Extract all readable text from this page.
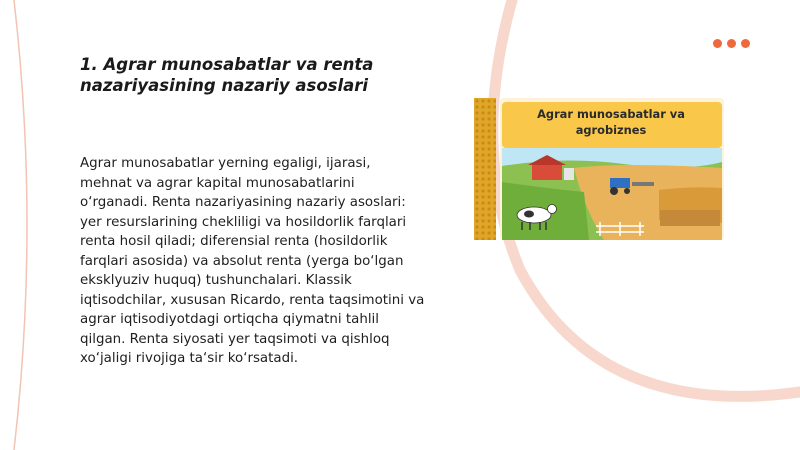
1. Agrar munosabatlar va renta nazariyasining nazariy asoslari

Agrar munosabatlar yerning egaligi, ijarasi, mehnat va agrar kapital munosabatlarini o‘rganadi. Renta nazariyasining nazariy asoslari: yer resurslarining chekliligi va hosildorlik farqlari renta hosil qiladi; diferensial renta (hosildorlik farqlari asosida) va absolut renta (yerga bo‘lgan eksklyuziv huquq) tushunchalari. Klassik iqtisodchilar, xususan Ricardo, renta taqsimotini va agrar iqtisodiyotdagi ortiqcha qiymatni tahlil qilgan. Renta siyosati yer taqsimoti va qishloq xo‘jaligi rivojiga ta‘sir ko‘rsatadi.

Agrar munosabatlar va agrobiznes
